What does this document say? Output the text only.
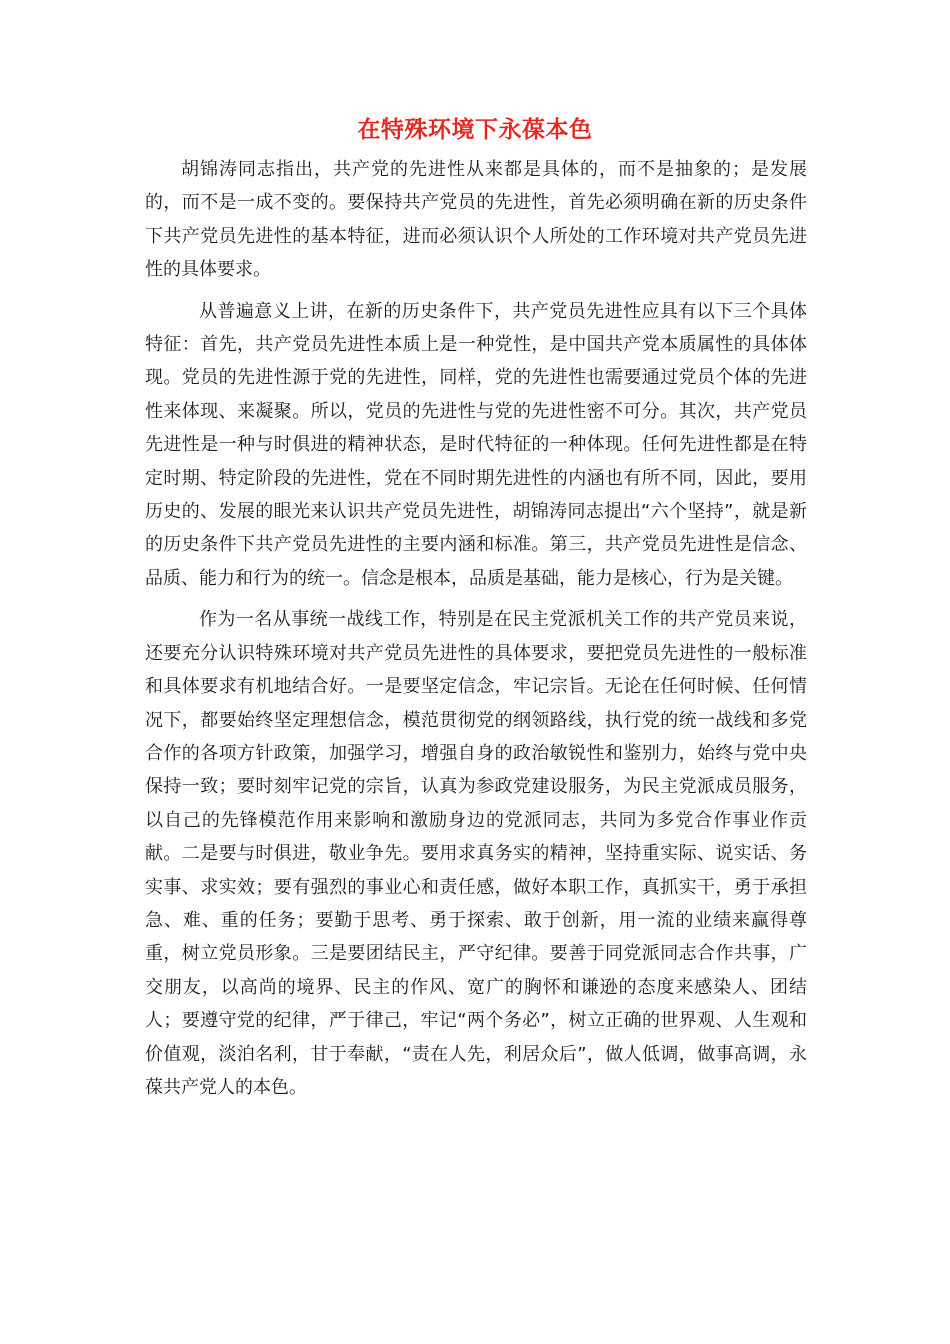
在特殊环境下永葆本色

胡锦涛同志指出，共产党的先进性从来都是具体的，而不是抽象的；是发展的，而不是一成不变的。要保持共产党员的先进性，首先必须明确在新的历史条件下共产党员先进性的基本特征，进而必须认识个人所处的工作环境对共产党员先进性的具体要求。

从普遍意义上讲，在新的历史条件下，共产党员先进性应具有以下三个具体特征：首先，共产党员先进性本质上是一种党性，是中国共产党本质属性的具体体现。党员的先进性源于党的先进性，同样，党的先进性也需要通过党员个体的先进性来体现、来凝聚。所以，党员的先进性与党的先进性密不可分。其次，共产党员先进性是一种与时俱进的精神状态，是时代特征的一种体现。任何先进性都是在特定时期、特定阶段的先进性，党在不同时期先进性的内涵也有所不同，因此，要用历史的、发展的眼光来认识共产党员先进性，胡锦涛同志提出“六个坚持”，就是新的历史条件下共产党员先进性的主要内涵和标准。第三，共产党员先进性是信念、品质、能力和行为的统一。信念是根本，品质是基础，能力是核心，行为是关键。

作为一名从事统一战线工作，特别是在民主党派机关工作的共产党员来说，还要充分认识特殊环境对共产党员先进性的具体要求，要把党员先进性的一般标准和具体要求有机地结合好。一是要坚定信念，牢记宗旨。无论在任何时候、任何情况下，都要始终坚定理想信念，模范贯彻党的纲领路线，执行党的统一战线和多党合作的各项方针政策，加强学习，增强自身的政治敏锐性和鉴别力，始终与党中央保持一致；要时刻牢记党的宗旨，认真为参政党建设服务，为民主党派成员服务，以自己的先锋模范作用来影响和激励身边的党派同志，共同为多党合作事业作贡献。二是要与时俱进，敬业争先。要用求真务实的精神，坚持重实际、说实话、务实事、求实效；要有强烈的事业心和责任感，做好本职工作，真抓实干，勇于承担急、难、重的任务；要勤于思考、勇于探索、敢于创新，用一流的业绩来赢得尊重，树立党员形象。三是要团结民主，严守纪律。要善于同党派同志合作共事，广交朋友，以高尚的境界、民主的作风、宽广的胸怀和谦逊的态度来感染人、团结人；要遵守党的纪律，严于律己，牢记“两个务必”，树立正确的世界观、人生观和价值观，淡泊名利，甘于奉献，“责在人先，利居众后”，做人低调，做事高调，永葆共产党人的本色。
